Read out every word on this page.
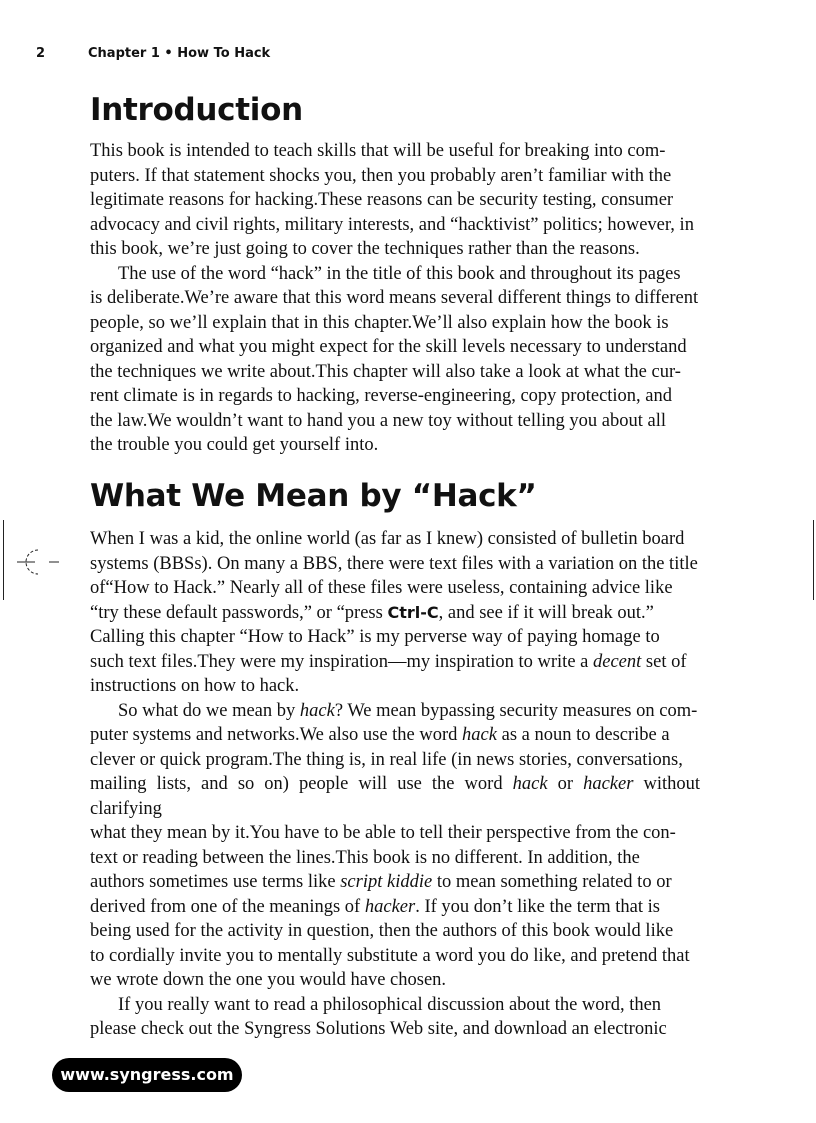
2	Chapter 1 • How To Hack
Introduction

This book is intended to teach skills that will be useful for breaking into com-
puters. If that statement shocks you, then you probably aren’t familiar with the
legitimate reasons for hacking.These reasons can be security testing, consumer
advocacy and civil rights, military interests, and “hacktivist” politics; however, in
this book, we’re just going to cover the techniques rather than the reasons.

The use of the word “hack” in the title of this book and throughout its pages
is deliberate.We’re aware that this word means several different things to different
people, so we’ll explain that in this chapter.We’ll also explain how the book is
organized and what you might expect for the skill levels necessary to understand
the techniques we write about.This chapter will also take a look at what the cur-
rent climate is in regards to hacking, reverse-engineering, copy protection, and
the law.We wouldn’t want to hand you a new toy without telling you about all
the trouble you could get yourself into.

What We Mean by “Hack”

When I was a kid, the online world (as far as I knew) consisted of bulletin board
systems (BBSs). On many a BBS, there were text files with a variation on the title
of“How to Hack.” Nearly all of these files were useless, containing advice like
“try these default passwords,” or “press Ctrl-C, and see if it will break out.”
Calling this chapter “How to Hack” is my perverse way of paying homage to
such text files.They were my inspiration—my inspiration to write a decent set of
instructions on how to hack.

So what do we mean by hack? We mean bypassing security measures on com-
puter systems and networks.We also use the word hack as a noun to describe a
clever or quick program.The thing is, in real life (in news stories, conversations,
mailing lists, and so on) people will use the word hack or hacker without clarifying
what they mean by it.You have to be able to tell their perspective from the con-
text or reading between the lines.This book is no different. In addition, the
authors sometimes use terms like script kiddie to mean something related to or
derived from one of the meanings of hacker. If you don’t like the term that is
being used for the activity in question, then the authors of this book would like
to cordially invite you to mentally substitute a word you do like, and pretend that
we wrote down the one you would have chosen.

If you really want to read a philosophical discussion about the word, then
please check out the Syngress Solutions Web site, and download an electronic

www.syngress.com
